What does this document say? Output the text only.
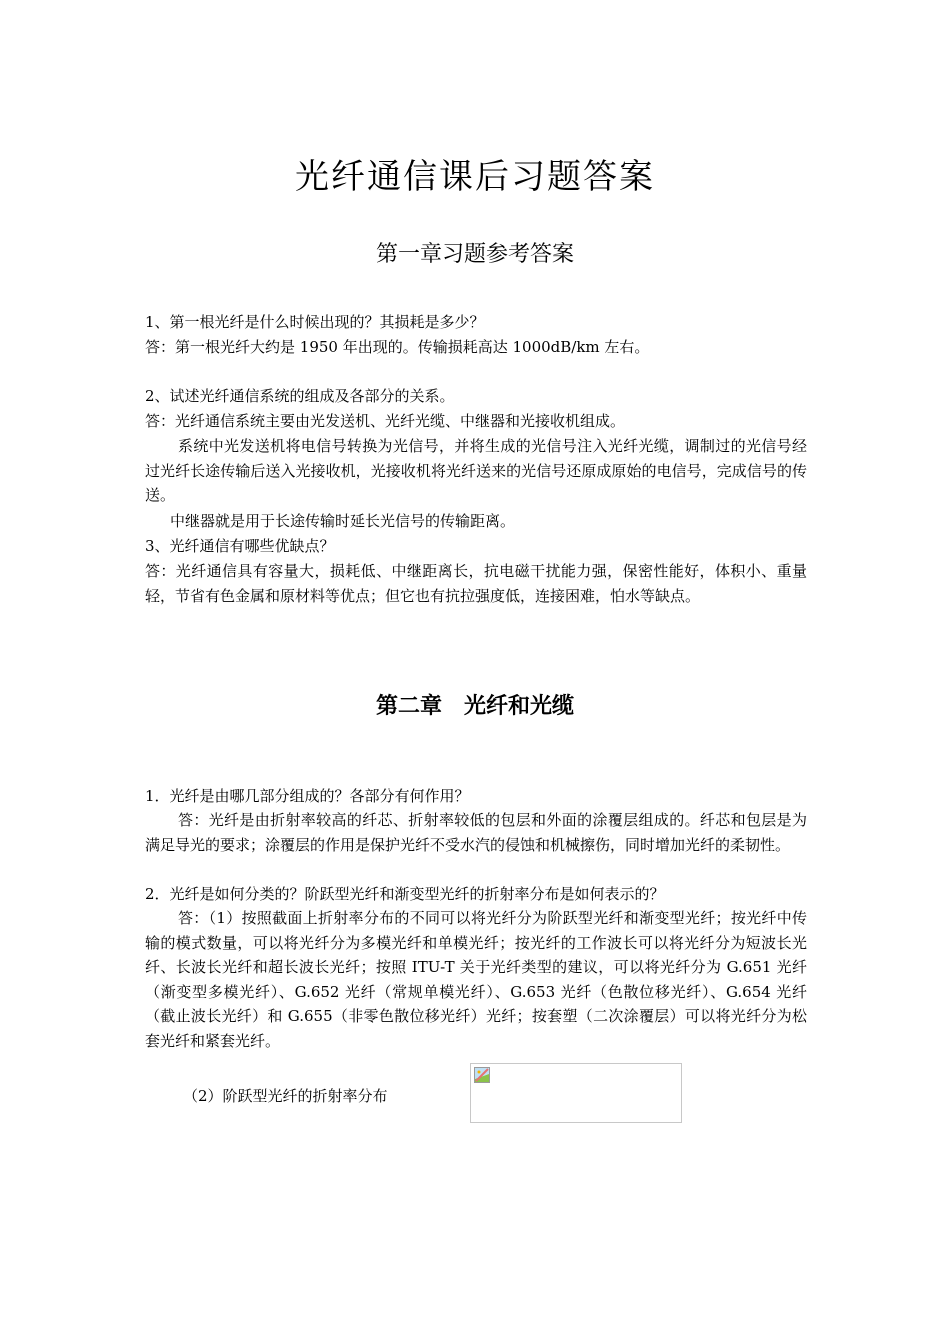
光纤通信课后习题答案
第一章习题参考答案

1、第一根光纤是什么时候出现的？其损耗是多少？

答：第一根光纤大约是 1950 年出现的。传输损耗高达 1000dB/km 左右。

2、试述光纤通信系统的组成及各部分的关系。

答：光纤通信系统主要由光发送机、光纤光缆、中继器和光接收机组成。

系统中光发送机将电信号转换为光信号，并将生成的光信号注入光纤光缆，调制过的光信号经过光纤长途传输后送入光接收机，光接收机将光纤送来的光信号还原成原始的电信号，完成信号的传送。

中继器就是用于长途传输时延长光信号的传输距离。

3、光纤通信有哪些优缺点？

答：光纤通信具有容量大，损耗低、中继距离长，抗电磁干扰能力强，保密性能好，体积小、重量轻，节省有色金属和原材料等优点；但它也有抗拉强度低，连接困难，怕水等缺点。

第二章　光纤和光缆

1．光纤是由哪几部分组成的？各部分有何作用？

答：光纤是由折射率较高的纤芯、折射率较低的包层和外面的涂覆层组成的。纤芯和包层是为满足导光的要求；涂覆层的作用是保护光纤不受水汽的侵蚀和机械擦伤，同时增加光纤的柔韧性。

2．光纤是如何分类的？阶跃型光纤和渐变型光纤的折射率分布是如何表示的？

答：（1）按照截面上折射率分布的不同可以将光纤分为阶跃型光纤和渐变型光纤；按光纤中传输的模式数量，可以将光纤分为多模光纤和单模光纤；按光纤的工作波长可以将光纤分为短波长光纤、长波长光纤和超长波长光纤；按照 ITU-T 关于光纤类型的建议，可以将光纤分为 G.651 光纤（渐变型多模光纤）、G.652 光纤（常规单模光纤）、G.653 光纤（色散位移光纤）、G.654 光纤（截止波长光纤）和 G.655（非零色散位移光纤）光纤；按套塑（二次涂覆层）可以将光纤分为松套光纤和紧套光纤。

（2）阶跃型光纤的折射率分布
